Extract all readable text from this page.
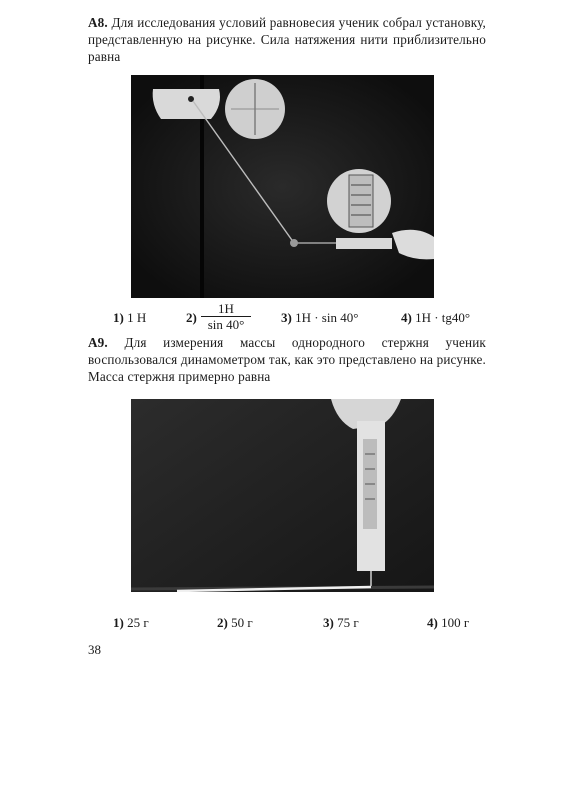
A8. Для исследования условий равновесия ученик собрал установку, представленную на рисунке. Сила натяжения нити приблизительно равна
1) 1 Н	2)
1Н
sin 40°	3) 1Н · sin 40°	4) 1Н · tg40°
А9. Для измерения массы однородного стержня ученик воспользовался динамометром так, как это представлено на рисунке. Масса стержня примерно равна
1) 25 г	2) 50 г	3) 75 г	4) 100 г
38
